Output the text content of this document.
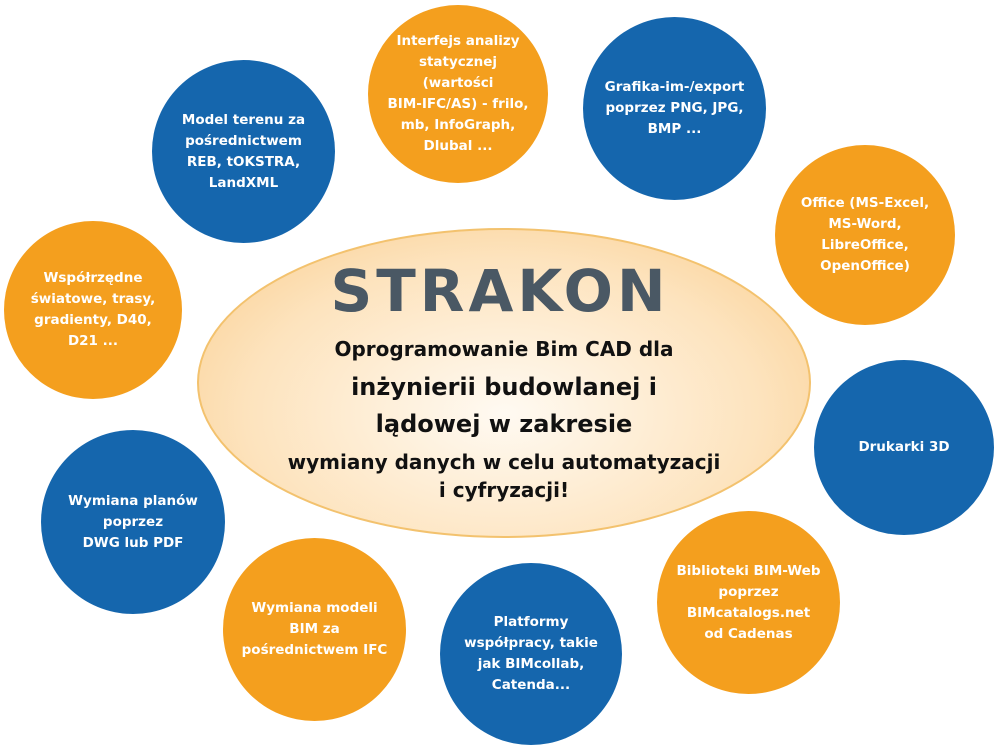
Interfejs analizy
statycznej (wartości
BIM-IFC/AS) - frilo,
mb, InfoGraph,
Dlubal ...
Grafika-im-/export
poprzez PNG, JPG,
BMP ...
Model terenu za
pośrednictwem
REB, tOKSTRA,
LandXML
Office (MS-Excel,
MS-Word,
LibreOffice,
OpenOffice)
Współrzędne
światowe, trasy,
gradienty, D40,
D21 ...
Drukarki 3D
Wymiana planów
poprzez
DWG lub PDF
Biblioteki BIM-Web
poprzez
BIMcatalogs.net
od Cadenas
Wymiana modeli
BIM za
pośrednictwem IFC
Platformy
współpracy, takie
jak BIMcollab,
Catenda...
STRAKON
Oprogramowanie Bim CAD dla
inżynierii budowlanej i
lądowej w zakresie
wymiany danych w celu automatyzacji
i cyfryzacji!
